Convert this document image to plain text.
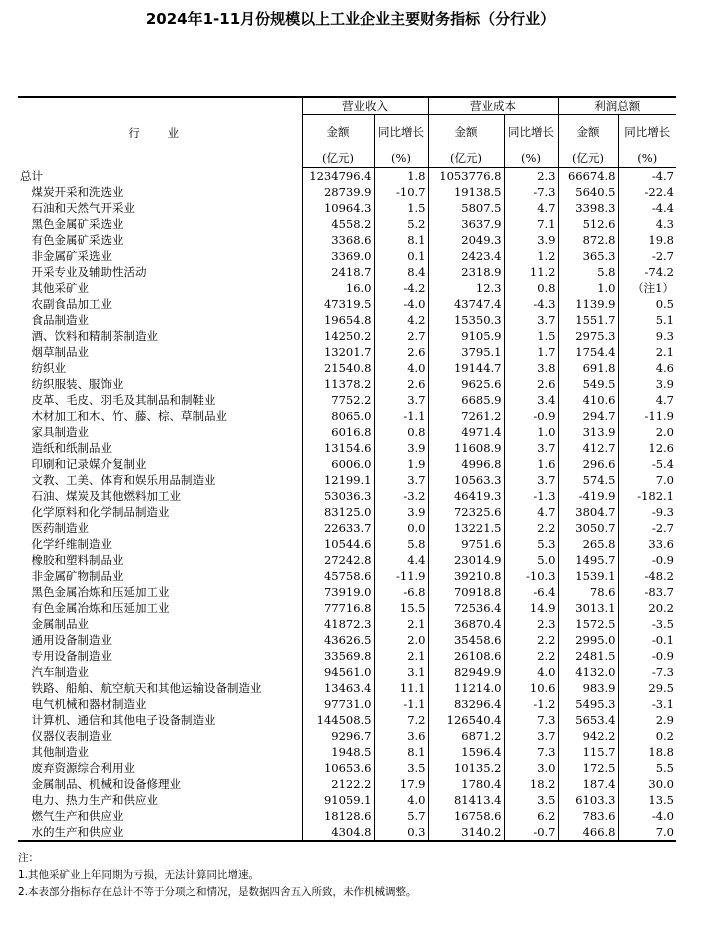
2024年1-11月份规模以上工业企业主要财务指标（分行业）
行 业	营业收入		营业成本		利润总额	
	金额	同比增长	金额	同比增长	金额	同比增长
	(亿元)	(%)	(亿元)	(%)	(亿元)	(%)
总计	1234796.4	1.8	1053776.8	2.3	66674.8	-4.7
　煤炭开采和洗选业	28739.9	-10.7	19138.5	-7.3	5640.5	-22.4
　石油和天然气开采业	10964.3	1.5	5807.5	4.7	3398.3	-4.4
　黑色金属矿采选业	4558.2	5.2	3637.9	7.1	512.6	4.3
　有色金属矿采选业	3368.6	8.1	2049.3	3.9	872.8	19.8
　非金属矿采选业	3369.0	0.1	2423.4	1.2	365.3	-2.7
　开采专业及辅助性活动	2418.7	8.4	2318.9	11.2	5.8	-74.2
　其他采矿业	16.0	-4.2	12.3	0.8	1.0	（注1）
　农副食品加工业	47319.5	-4.0	43747.4	-4.3	1139.9	0.5
　食品制造业	19654.8	4.2	15350.3	3.7	1551.7	5.1
　酒、饮料和精制茶制造业	14250.2	2.7	9105.9	1.5	2975.3	9.3
　烟草制品业	13201.7	2.6	3795.1	1.7	1754.4	2.1
　纺织业	21540.8	4.0	19144.7	3.8	691.8	4.6
　纺织服装、服饰业	11378.2	2.6	9625.6	2.6	549.5	3.9
　皮革、毛皮、羽毛及其制品和制鞋业	7752.2	3.7	6685.9	3.4	410.6	4.7
　木材加工和木、竹、藤、棕、草制品业	8065.0	-1.1	7261.2	-0.9	294.7	-11.9
　家具制造业	6016.8	0.8	4971.4	1.0	313.9	2.0
　造纸和纸制品业	13154.6	3.9	11608.9	3.7	412.7	12.6
　印刷和记录媒介复制业	6006.0	1.9	4996.8	1.6	296.6	-5.4
　文教、工美、体育和娱乐用品制造业	12199.1	3.7	10563.3	3.7	574.5	7.0
　石油、煤炭及其他燃料加工业	53036.3	-3.2	46419.3	-1.3	-419.9	-182.1
　化学原料和化学制品制造业	83125.0	3.9	72325.6	4.7	3804.7	-9.3
　医药制造业	22633.7	0.0	13221.5	2.2	3050.7	-2.7
　化学纤维制造业	10544.6	5.8	9751.6	5.3	265.8	33.6
　橡胶和塑料制品业	27242.8	4.4	23014.9	5.0	1495.7	-0.9
　非金属矿物制品业	45758.6	-11.9	39210.8	-10.3	1539.1	-48.2
　黑色金属冶炼和压延加工业	73919.0	-6.8	70918.8	-6.4	78.6	-83.7
　有色金属冶炼和压延加工业	77716.8	15.5	72536.4	14.9	3013.1	20.2
　金属制品业	41872.3	2.1	36870.4	2.3	1572.5	-3.5
　通用设备制造业	43626.5	2.0	35458.6	2.2	2995.0	-0.1
　专用设备制造业	33569.8	2.1	26108.6	2.2	2481.5	-0.9
　汽车制造业	94561.0	3.1	82949.9	4.0	4132.0	-7.3
　铁路、船舶、航空航天和其他运输设备制造业	13463.4	11.1	11214.0	10.6	983.9	29.5
　电气机械和器材制造业	97731.0	-1.1	83296.4	-1.2	5495.3	-3.1
　计算机、通信和其他电子设备制造业	144508.5	7.2	126540.4	7.3	5653.4	2.9
　仪器仪表制造业	9296.7	3.6	6871.2	3.7	942.2	0.2
　其他制造业	1948.5	8.1	1596.4	7.3	115.7	18.8
　废弃资源综合利用业	10653.6	3.5	10135.2	3.0	172.5	5.5
　金属制品、机械和设备修理业	2122.2	17.9	1780.4	18.2	187.4	30.0
　电力、热力生产和供应业	91059.1	4.0	81413.4	3.5	6103.3	13.5
　燃气生产和供应业	18128.6	5.7	16758.6	6.2	783.6	-4.0
　水的生产和供应业	4304.8	0.3	3140.2	-0.7	466.8	7.0
注：
1.其他采矿业上年同期为亏损，无法计算同比增速。
2.本表部分指标存在总计不等于分项之和情况，是数据四舍五入所致，未作机械调整。
